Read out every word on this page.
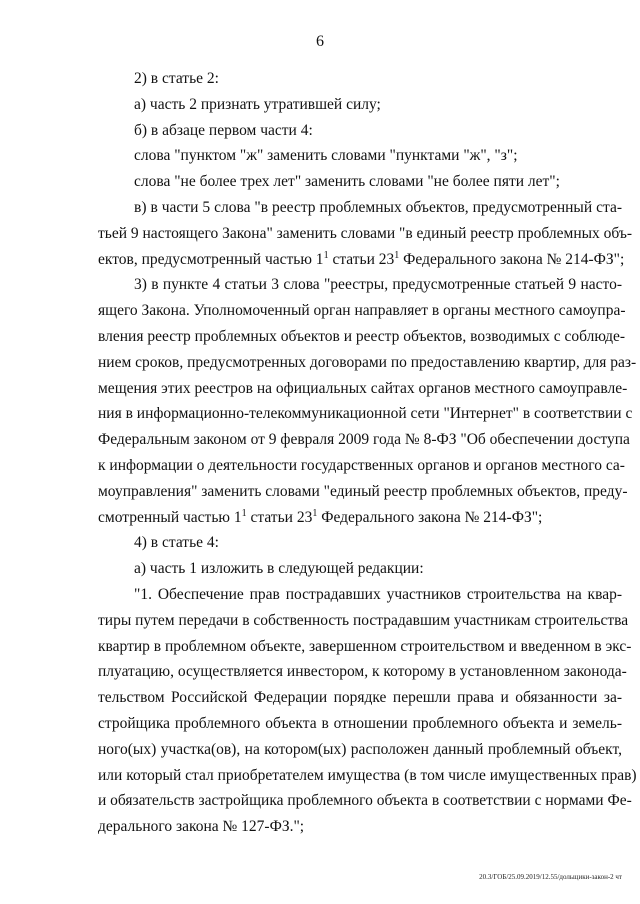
6
2) в статье 2:
а) часть 2 признать утратившей силу;
б) в абзаце первом части 4:
слова "пунктом "ж" заменить словами "пунктами "ж", "з";
слова "не более трех лет" заменить словами "не более пяти лет";
в) в части 5 слова "в реестр проблемных объектов, предусмотренный ста-
тьей 9 настоящего Закона" заменить словами "в единый реестр проблемных объ-
ектов, предусмотренный частью $1^1$ статьи $23^1$ Федерального закона № 214-ФЗ";
3) в пункте 4 статьи 3 слова "реестры, предусмотренные статьей 9 насто-
ящего Закона. Уполномоченный орган направляет в органы местного самоупра-
вления реестр проблемных объектов и реестр объектов, возводимых с соблюде-
нием сроков, предусмотренных договорами по предоставлению квартир, для раз-
мещения этих реестров на официальных сайтах органов местного самоуправле-
ния в информационно-телекоммуникационной сети "Интернет" в соответствии с
Федеральным законом от 9 февраля 2009 года № 8-ФЗ "Об обеспечении доступа
к информации о деятельности государственных органов и органов местного са-
моуправления" заменить словами "единый реестр проблемных объектов, преду-
смотренный частью $1^1$ статьи $23^1$ Федерального закона № 214-ФЗ";
4) в статье 4:
а) часть 1 изложить в следующей редакции:
"1. Обеспечение прав пострадавших участников строительства на квар-
тиры путем передачи в собственность пострадавшим участникам строительства
квартир в проблемном объекте, завершенном строительством и введенном в экс-
плуатацию, осуществляется инвестором, к которому в установленном законода-
тельством Российской Федерации порядке перешли права и обязанности за-
стройщика проблемного объекта в отношении проблемного объекта и земель-
ного(ых) участка(ов), на котором(ых) расположен данный проблемный объект,
или который стал приобретателем имущества (в том числе имущественных прав)
и обязательств застройщика проблемного объекта в соответствии с нормами Фе-
дерального закона № 127-ФЗ.";
20.3/ГОБ/25.09.2019/12.55/дольщики-закон-2 чт
